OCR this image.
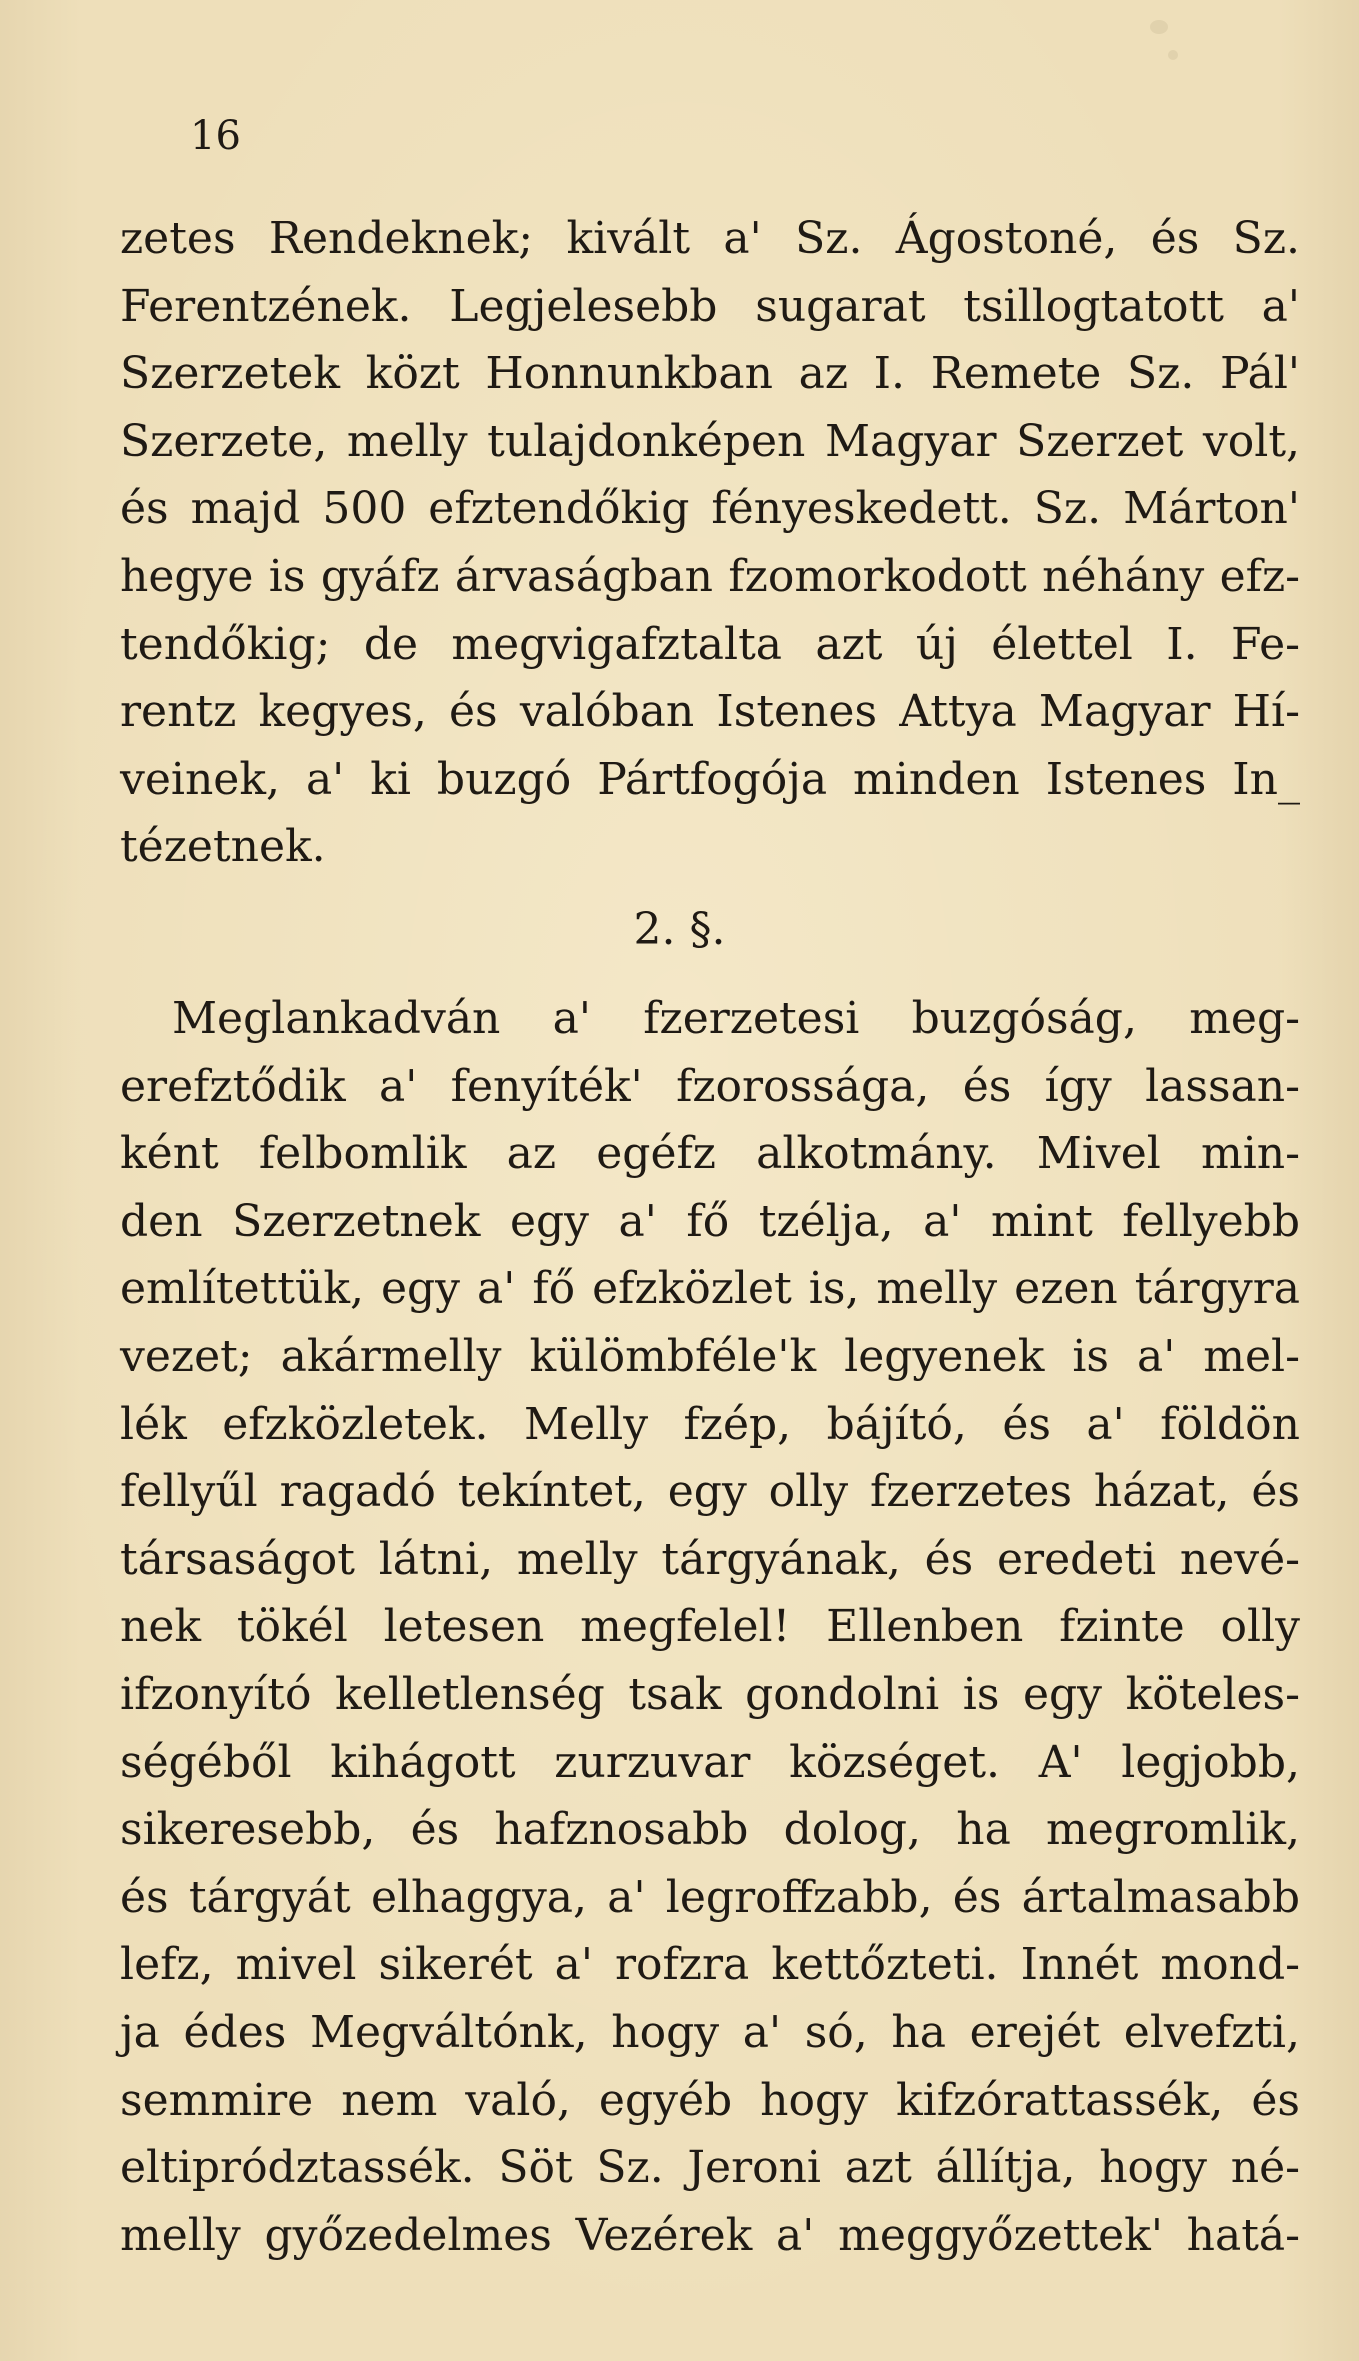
16
zetes Rendeknek; kivált a' Sz. Ágostoné, és Sz.
Ferentzének. Legjelesebb sugarat tsillogtatott a'
Szerzetek közt Honnunkban az I. Remete Sz. Pál'
Szerzete, melly tulajdonképen Magyar Szerzet volt,
és majd 500 efztendőkig fényeskedett. Sz. Márton'
hegye is gyáfz árvaságban fzomorkodott néhány efz-
tendőkig; de megvigafztalta azt új élettel I. Fe-
rentz kegyes, és valóban Istenes Attya Magyar Hí-
veinek, a' ki buzgó Pártfogója minden Istenes In_
tézetnek.
2. §.
Meglankadván a' fzerzetesi buzgóság, meg-
erefztődik a' fenyíték' fzorossága, és így lassan-
ként felbomlik az egéfz alkotmány. Mivel min-
den Szerzetnek egy a' fő tzélja, a' mint fellyebb
említettük, egy a' fő efzközlet is, melly ezen tárgyra
vezet; akármelly külömbféle'k legyenek is a' mel-
lék efzközletek. Melly fzép, bájító, és a' földön
fellyűl ragadó tekíntet, egy olly fzerzetes házat, és
társaságot látni, melly tárgyának, és eredeti nevé-
nek tökél letesen megfelel! Ellenben fzinte olly
ifzonyító kelletlenség tsak gondolni is egy köteles-
ségéből kihágott zurzuvar községet. A' legjobb,
sikeresebb, és hafznosabb dolog, ha megromlik,
és tárgyát elhaggya, a' legroffzabb, és ártalmasabb
lefz, mivel sikerét a' rofzra kettőzteti. Innét mond-
ja édes Megváltónk, hogy a' só, ha erejét elvefzti,
semmire nem való, egyéb hogy kifzórattassék, és
eltiprództassék. Söt Sz. Jeroni azt állítja, hogy né-
melly győzedelmes Vezérek a' meggyőzettek' hatá-
